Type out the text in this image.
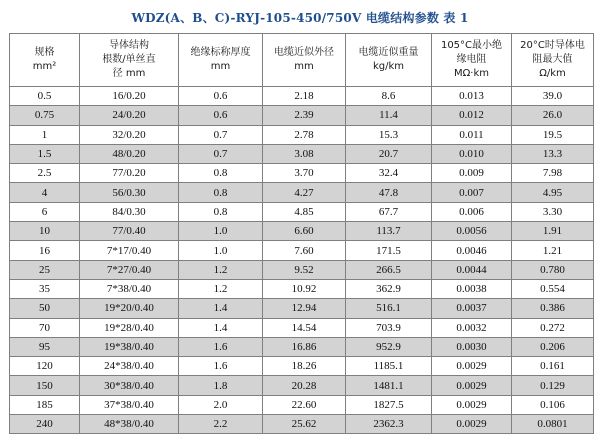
WDZ(A、B、C)-RYJ-105-450/750V 电缆结构参数 表 1
规格
mm²	导体结构
根数/单丝直
径 mm	绝缘标称厚度
mm	电缆近似外径
mm	电缆近似重量
kg/km	105°C最小绝
缘电阻
MΩ·km	20°C时导体电
阻最大值
Ω/km

0.5	16/0.20	0.6	2.18	8.6	0.013	39.0
0.75	24/0.20	0.6	2.39	11.4	0.012	26.0
1	32/0.20	0.7	2.78	15.3	0.011	19.5
1.5	48/0.20	0.7	3.08	20.7	0.010	13.3
2.5	77/0.20	0.8	3.70	32.4	0.009	7.98
4	56/0.30	0.8	4.27	47.8	0.007	4.95
6	84/0.30	0.8	4.85	67.7	0.006	3.30
10	77/0.40	1.0	6.60	113.7	0.0056	1.91
16	7*17/0.40	1.0	7.60	171.5	0.0046	1.21
25	7*27/0.40	1.2	9.52	266.5	0.0044	0.780
35	7*38/0.40	1.2	10.92	362.9	0.0038	0.554
50	19*20/0.40	1.4	12.94	516.1	0.0037	0.386
70	19*28/0.40	1.4	14.54	703.9	0.0032	0.272
95	19*38/0.40	1.6	16.86	952.9	0.0030	0.206
120	24*38/0.40	1.6	18.26	1185.1	0.0029	0.161
150	30*38/0.40	1.8	20.28	1481.1	0.0029	0.129
185	37*38/0.40	2.0	22.60	1827.5	0.0029	0.106
240	48*38/0.40	2.2	25.62	2362.3	0.0029	0.0801
